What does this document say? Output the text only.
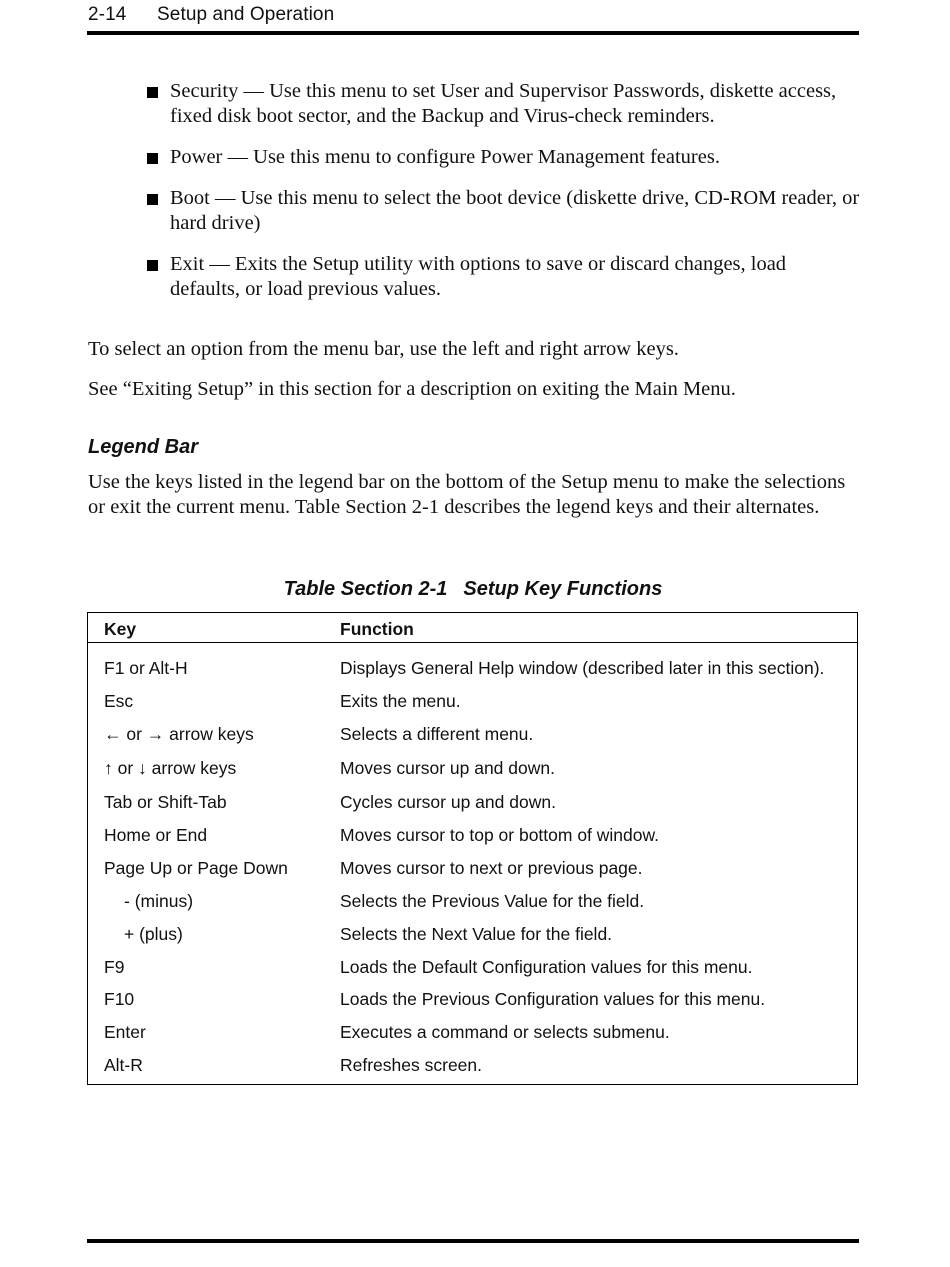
2-14 Setup and Operation
Security — Use this menu to set User and Supervisor Passwords, diskette access, fixed disk boot sector, and the Backup and Virus-check reminders.
Power — Use this menu to configure Power Management features.
Boot — Use this menu to select the boot device (diskette drive, CD-ROM reader, or hard drive)
Exit — Exits the Setup utility with options to save or discard changes, load defaults, or load previous values.

To select an option from the menu bar, use the left and right arrow keys.

See “Exiting Setup” in this section for a description on exiting the Main Menu.

Legend Bar

Use the keys listed in the legend bar on the bottom of the Setup menu to make the selections or exit the current menu. Table Section 2-1 describes the legend keys and their alternates.

Table Section 2-1 Setup Key Functions
Key	Function
F1 or Alt-H	Displays General Help window (described later in this section).
Esc	Exits the menu.
← or → arrow keys	Selects a different menu.
↑ or ↓ arrow keys	Moves cursor up and down.
Tab or Shift-Tab	Cycles cursor up and down.
Home or End	Moves cursor to top or bottom of window.
Page Up or Page Down	Moves cursor to next or previous page.
- (minus)	Selects the Previous Value for the field.
+ (plus)	Selects the Next Value for the field.
F9	Loads the Default Configuration values for this menu.
F10	Loads the Previous Configuration values for this menu.
Enter	Executes a command or selects submenu.
Alt-R	Refreshes screen.
